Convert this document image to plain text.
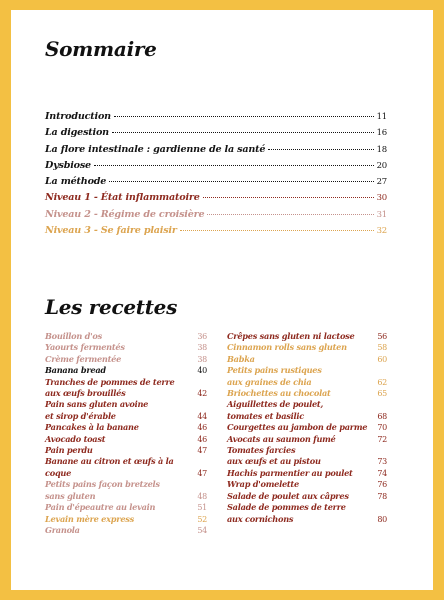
Sommaire
Introduction	11
La digestion	16
La flore intestinale : gardienne de la santé	18
Dysbiose	20
La méthode	27
Niveau 1 - État inflammatoire	30
Niveau 2 - Régime de croisière	31
Niveau 3 - Se faire plaisir	32
Les recettes
Bouillon d'os	36
Yaourts fermentés	38
Crème fermentée	38
Banana bread	40
Tranches de pommes de terre
aux œufs brouillés	42
Pain sans gluten avoine
et sirop d'érable	44
Pancakes à la banane	46
Avocado toast	46
Pain perdu	47
Banane au citron et œufs à la coque	47
Petits pains façon bretzels
sans gluten	48
Pain d'épeautre au levain	51
Levain mère express	52
Granola	54
Crêpes sans gluten ni lactose	56
Cinnamon rolls sans gluten	58
Babka	60
Petits pains rustiques
aux graines de chia	62
Briochettes au chocolat	65
Aiguillettes de poulet,
tomates et basilic	68
Courgettes au jambon de parme	70
Avocats au saumon fumé	72
Tomates farcies
aux œufs et au pistou	73
Hachis parmentier au poulet	74
Wrap d'omelette	76
Salade de poulet aux câpres	78
Salade de pommes de terre
aux cornichons	80
